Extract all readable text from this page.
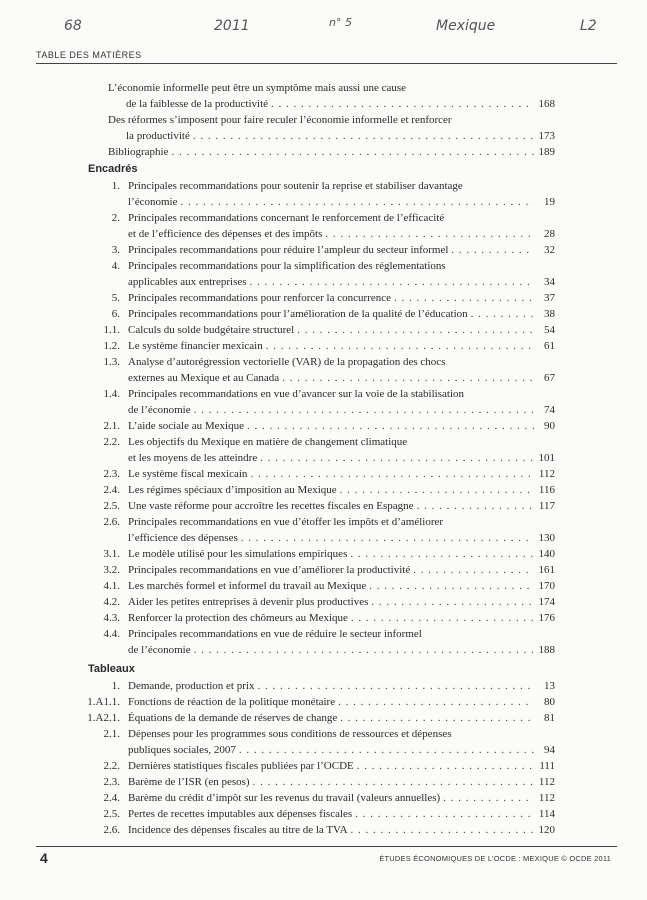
68	2011	n° 5	Mexique	L2
TABLE DES MATIÈRES
L’économie informelle peut être un symptôme mais aussi une cause
de la faiblesse de la productivité . . .	168
Des réformes s’imposent pour faire reculer l’économie informelle et renforcer
la productivité . . .	173
Bibliographie . . .	189
Encadrés
1. Principales recommandations pour soutenir la reprise et stabiliser davantage
l’économie . . .	19
2. Principales recommandations concernant le renforcement de l’efficacité
et de l’efficience des dépenses et des impôts . . .	28
3. Principales recommandations pour réduire l’ampleur du secteur informel . . .	32
4. Principales recommandations pour la simplification des réglementations
applicables aux entreprises . . .	34
5. Principales recommandations pour renforcer la concurrence . . .	37
6. Principales recommandations pour l’amélioration de la qualité de l’éducation . . .	38
1.1. Calculs du solde budgétaire structurel . . .	54
1.2. Le système financier mexicain . . .	61
1.3. Analyse d’autorégression vectorielle (VAR) de la propagation des chocs
externes au Mexique et au Canada . . .	67
1.4. Principales recommandations en vue d’avancer sur la voie de la stabilisation
de l’économie . . .	74
2.1. L’aide sociale au Mexique . . .	90
2.2. Les objectifs du Mexique en matière de changement climatique
et les moyens de les atteindre . . .	101
2.3. Le système fiscal mexicain . . .	112
2.4. Les régimes spéciaux d’imposition au Mexique . . .	116
2.5. Une vaste réforme pour accroître les recettes fiscales en Espagne . . .	117
2.6. Principales recommandations en vue d’étoffer les impôts et d’améliorer
l’efficience des dépenses . . .	130
3.1. Le modèle utilisé pour les simulations empiriques . . .	140
3.2. Principales recommandations en vue d’améliorer la productivité . . .	161
4.1. Les marchés formel et informel du travail au Mexique . . .	170
4.2. Aider les petites entreprises à devenir plus productives . . .	174
4.3. Renforcer la protection des chômeurs au Mexique . . .	176
4.4. Principales recommandations en vue de réduire le secteur informel
de l’économie . . .	188
Tableaux
1. Demande, production et prix . . .	13
1.A1.1. Fonctions de réaction de la politique monétaire . . .	80
1.A2.1. Équations de la demande de réserves de change . . .	81
2.1. Dépenses pour les programmes sous conditions de ressources et dépenses
publiques sociales, 2007 . . .	94
2.2. Dernières statistiques fiscales publiées par l’OCDE . . .	111
2.3. Barème de l’ISR (en pesos) . . .	112
2.4. Barème du crédit d’impôt sur les revenus du travail (valeurs annuelles) . . .	112
2.5. Pertes de recettes imputables aux dépenses fiscales . . .	114
2.6. Incidence des dépenses fiscales au titre de la TVA . . .	120
4	ÉTUDES ÉCONOMIQUES DE L’OCDE : MEXIQUE © OCDE 2011
